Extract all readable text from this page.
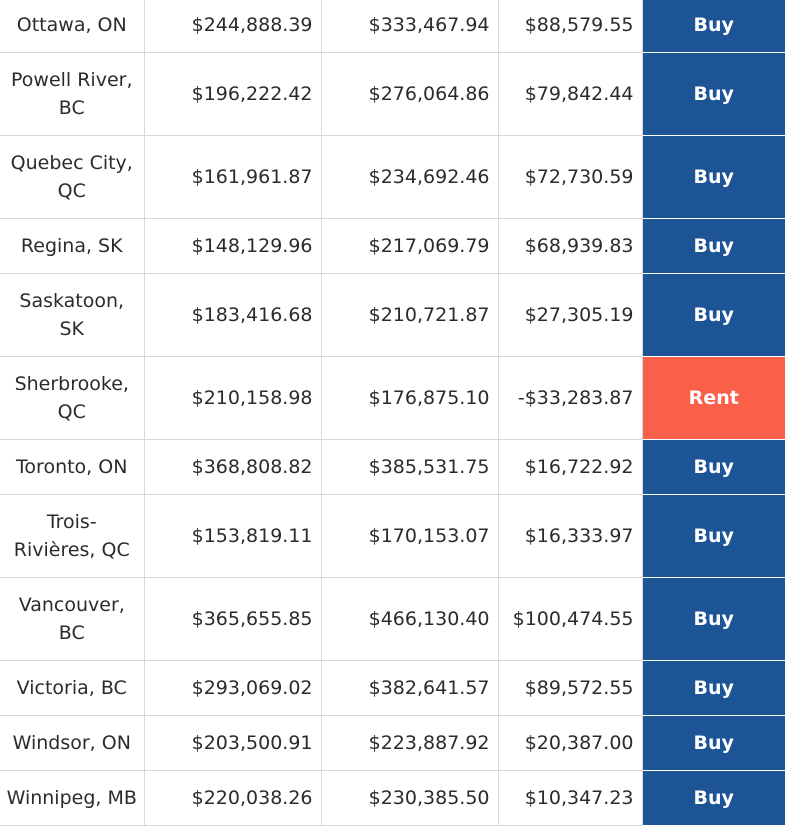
Ottawa, ON	$244,888.39	$333,467.94	$88,579.55	Buy
Powell River, BC	$196,222.42	$276,064.86	$79,842.44	Buy
Quebec City, QC	$161,961.87	$234,692.46	$72,730.59	Buy
Regina, SK	$148,129.96	$217,069.79	$68,939.83	Buy
Saskatoon, SK	$183,416.68	$210,721.87	$27,305.19	Buy
Sherbrooke, QC	$210,158.98	$176,875.10	-$33,283.87	Rent
Toronto, ON	$368,808.82	$385,531.75	$16,722.92	Buy
Trois-Rivières, QC	$153,819.11	$170,153.07	$16,333.97	Buy
Vancouver, BC	$365,655.85	$466,130.40	$100,474.55	Buy
Victoria, BC	$293,069.02	$382,641.57	$89,572.55	Buy
Windsor, ON	$203,500.91	$223,887.92	$20,387.00	Buy
Winnipeg, MB	$220,038.26	$230,385.50	$10,347.23	Buy
